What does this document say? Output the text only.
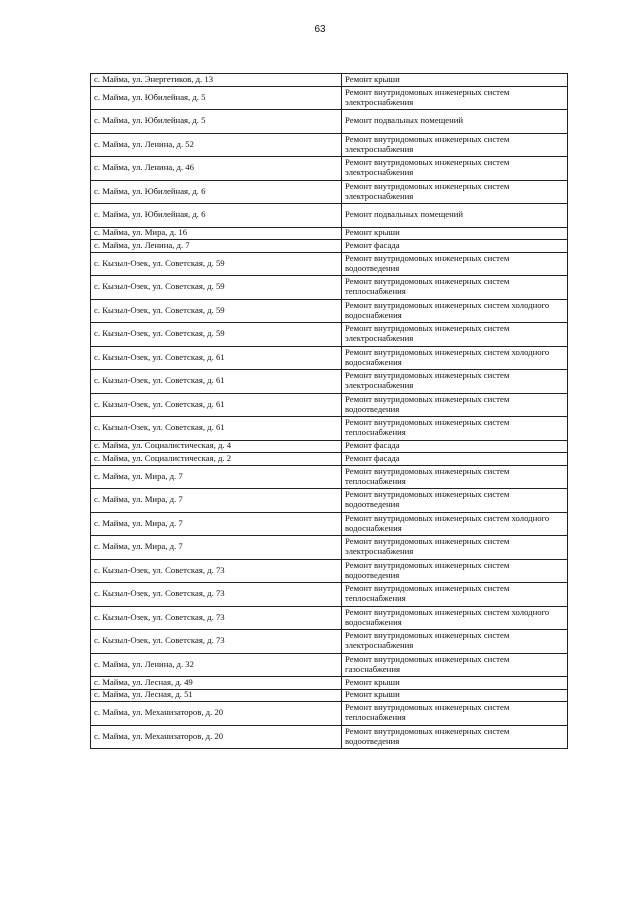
63
с. Майма, ул. Энергетиков, д. 13	Ремонт крыши
с. Майма, ул. Юбилейная, д. 5	Ремонт внутридомовых инженерных систем электроснабжения
с. Майма, ул. Юбилейная, д. 5	Ремонт подвальных помещений
с. Майма, ул. Ленина, д. 52	Ремонт внутридомовых инженерных систем электроснабжения
с. Майма, ул. Ленина, д. 46	Ремонт внутридомовых инженерных систем электроснабжения
с. Майма, ул. Юбилейная, д. 6	Ремонт внутридомовых инженерных систем электроснабжения
с. Майма, ул. Юбилейная, д. 6	Ремонт подвальных помещений
с. Майма, ул. Мира, д. 16	Ремонт крыши
с. Майма, ул. Ленина, д. 7	Ремонт фасада
с. Кызыл-Озек, ул. Советская, д. 59	Ремонт внутридомовых инженерных систем водоотведения
с. Кызыл-Озек, ул. Советская, д. 59	Ремонт внутридомовых инженерных систем теплоснабжения
с. Кызыл-Озек, ул. Советская, д. 59	Ремонт внутридомовых инженерных систем холодного водоснабжения
с. Кызыл-Озек, ул. Советская, д. 59	Ремонт внутридомовых инженерных систем электроснабжения
с. Кызыл-Озек, ул. Советская, д. 61	Ремонт внутридомовых инженерных систем холодного водоснабжения
с. Кызыл-Озек, ул. Советская, д. 61	Ремонт внутридомовых инженерных систем электроснабжения
с. Кызыл-Озек, ул. Советская, д. 61	Ремонт внутридомовых инженерных систем водоотведения
с. Кызыл-Озек, ул. Советская, д. 61	Ремонт внутридомовых инженерных систем теплоснабжения
с. Майма, ул. Социалистическая, д. 4	Ремонт фасада
с. Майма, ул. Социалистическая, д. 2	Ремонт фасада
с. Майма, ул. Мира, д. 7	Ремонт внутридомовых инженерных систем теплоснабжения
с. Майма, ул. Мира, д. 7	Ремонт внутридомовых инженерных систем водоотведения
с. Майма, ул. Мира, д. 7	Ремонт внутридомовых инженерных систем холодного водоснабжения
с. Майма, ул. Мира, д. 7	Ремонт внутридомовых инженерных систем электроснабжения
с. Кызыл-Озек, ул. Советская, д. 73	Ремонт внутридомовых инженерных систем водоотведения
с. Кызыл-Озек, ул. Советская, д. 73	Ремонт внутридомовых инженерных систем теплоснабжения
с. Кызыл-Озек, ул. Советская, д. 73	Ремонт внутридомовых инженерных систем холодного водоснабжения
с. Кызыл-Озек, ул. Советская, д. 73	Ремонт внутридомовых инженерных систем электроснабжения
с. Майма, ул. Ленина, д. 32	Ремонт внутридомовых инженерных систем газоснабжения
с. Майма, ул. Лесная, д. 49	Ремонт крыши
с. Майма, ул. Лесная, д. 51	Ремонт крыши
с. Майма, ул. Механизаторов, д. 20	Ремонт внутридомовых инженерных систем теплоснабжения
с. Майма, ул. Механизаторов, д. 20	Ремонт внутридомовых инженерных систем водоотведения
